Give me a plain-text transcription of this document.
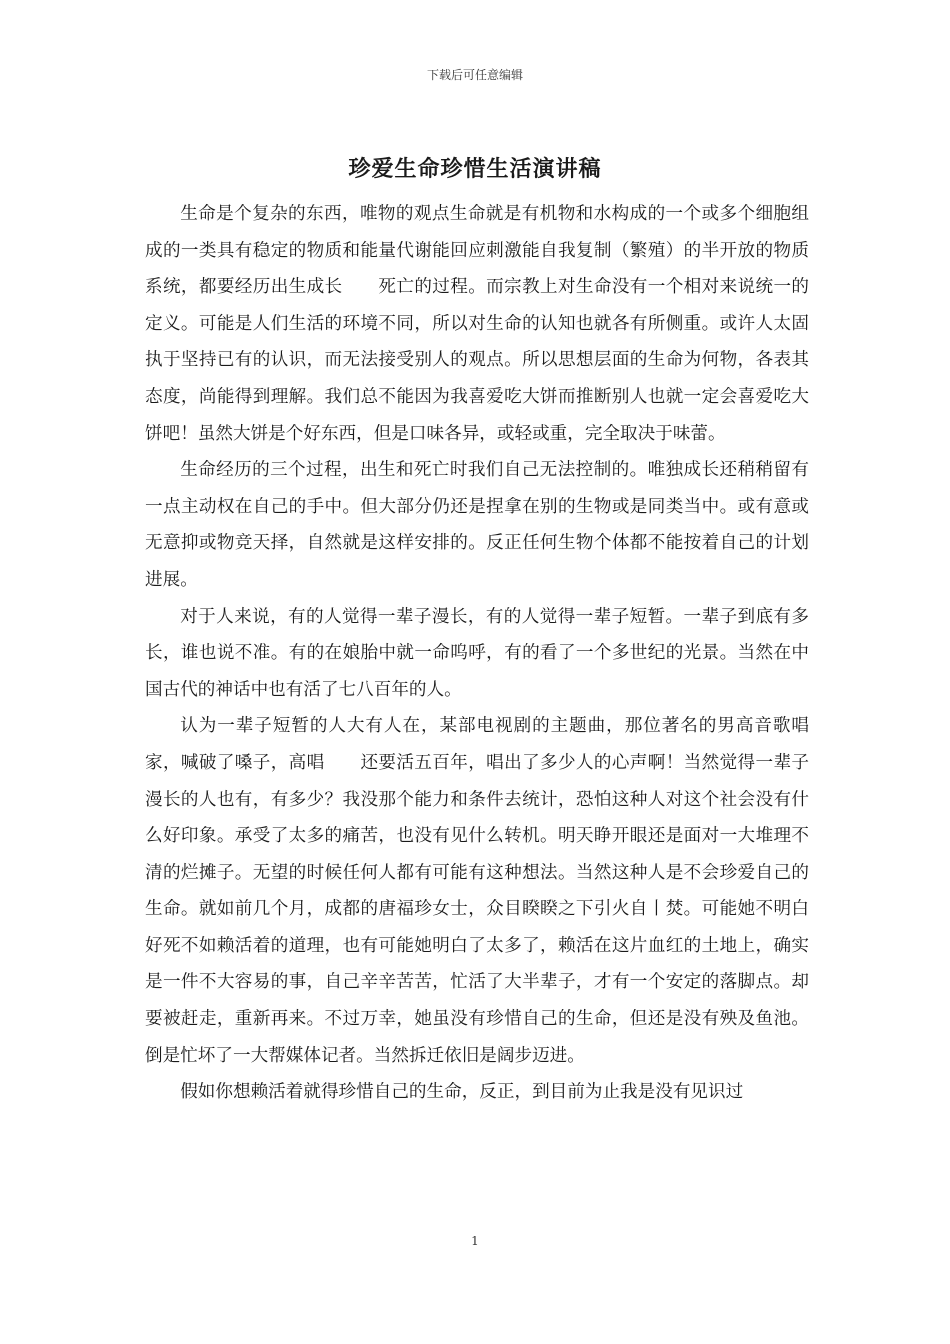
下载后可任意编辑
珍爱生命珍惜生活演讲稿

生命是个复杂的东西，唯物的观点生命就是有机物和水构成的一个或多个细胞组成的一类具有稳定的物质和能量代谢能回应刺激能自我复制（繁殖）的半开放的物质系统，都要经历出生成长　　死亡的过程。而宗教上对生命没有一个相对来说统一的定义。可能是人们生活的环境不同，所以对生命的认知也就各有所侧重。或许人太固执于坚持已有的认识，而无法接受别人的观点。所以思想层面的生命为何物，各表其态度，尚能得到理解。我们总不能因为我喜爱吃大饼而推断别人也就一定会喜爱吃大饼吧！虽然大饼是个好东西，但是口味各异，或轻或重，完全取决于味蕾。

生命经历的三个过程，出生和死亡时我们自己无法控制的。唯独成长还稍稍留有一点主动权在自己的手中。但大部分仍还是捏拿在别的生物或是同类当中。或有意或无意抑或物竞天择，自然就是这样安排的。反正任何生物个体都不能按着自己的计划进展。

对于人来说，有的人觉得一辈子漫长，有的人觉得一辈子短暂。一辈子到底有多长，谁也说不准。有的在娘胎中就一命呜呼，有的看了一个多世纪的光景。当然在中国古代的神话中也有活了七八百年的人。

认为一辈子短暂的人大有人在，某部电视剧的主题曲，那位著名的男高音歌唱家，喊破了嗓子，高唱　　还要活五百年，唱出了多少人的心声啊！当然觉得一辈子漫长的人也有，有多少？我没那个能力和条件去统计，恐怕这种人对这个社会没有什么好印象。承受了太多的痛苦，也没有见什么转机。明天睁开眼还是面对一大堆理不清的烂摊子。无望的时候任何人都有可能有这种想法。当然这种人是不会珍爱自己的生命。就如前几个月，成都的唐福珍女士，众目睽睽之下引火自丨焚。可能她不明白好死不如赖活着的道理，也有可能她明白了太多了，赖活在这片血红的土地上，确实是一件不大容易的事，自己辛辛苦苦，忙活了大半辈子，才有一个安定的落脚点。却要被赶走，重新再来。不过万幸，她虽没有珍惜自己的生命，但还是没有殃及鱼池。倒是忙坏了一大帮媒体记者。当然拆迁依旧是阔步迈进。

假如你想赖活着就得珍惜自己的生命，反正，到目前为止我是没有见识过

1
